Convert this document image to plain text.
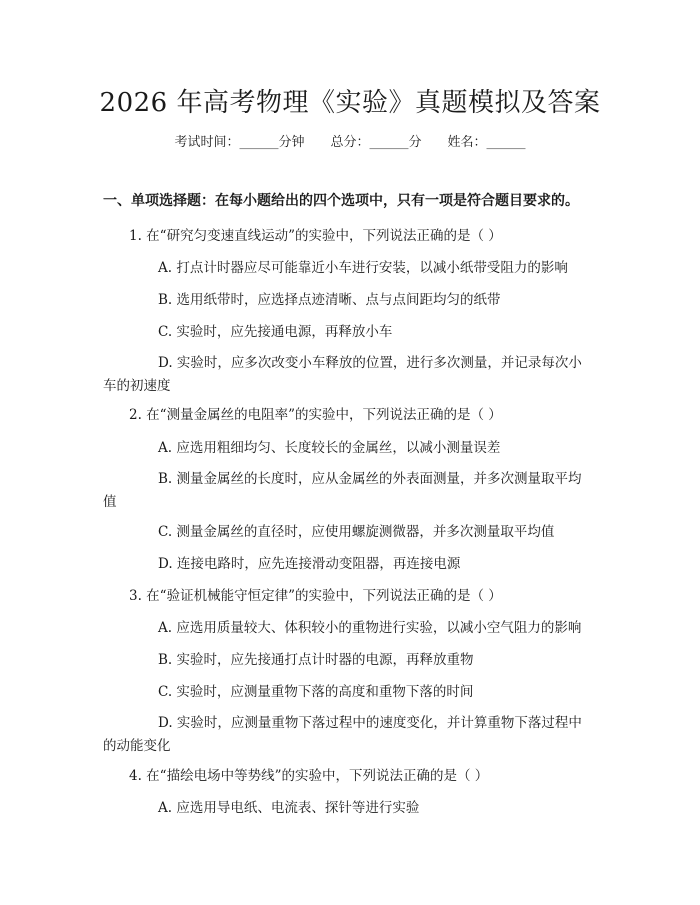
2026 年高考物理《实验》真题模拟及答案
考试时间：______分钟 总分：______分 姓名：______
一、单项选择题：在每小题给出的四个选项中，只有一项是符合题目要求的。
1. 在“研究匀变速直线运动”的实验中，下列说法正确的是（ ）
A. 打点计时器应尽可能靠近小车进行安装，以减小纸带受阻力的影响
B. 选用纸带时，应选择点迹清晰、点与点间距均匀的纸带
C. 实验时，应先接通电源，再释放小车
D. 实验时，应多次改变小车释放的位置，进行多次测量，并记录每次小
车的初速度
2. 在“测量金属丝的电阻率”的实验中，下列说法正确的是（ ）
A. 应选用粗细均匀、长度较长的金属丝，以减小测量误差
B. 测量金属丝的长度时，应从金属丝的外表面测量，并多次测量取平均
值
C. 测量金属丝的直径时，应使用螺旋测微器，并多次测量取平均值
D. 连接电路时，应先连接滑动变阻器，再连接电源
3. 在“验证机械能守恒定律”的实验中，下列说法正确的是（ ）
A. 应选用质量较大、体积较小的重物进行实验，以减小空气阻力的影响
B. 实验时，应先接通打点计时器的电源，再释放重物
C. 实验时，应测量重物下落的高度和重物下落的时间
D. 实验时，应测量重物下落过程中的速度变化，并计算重物下落过程中
的动能变化
4. 在“描绘电场中等势线”的实验中，下列说法正确的是（ ）
A. 应选用导电纸、电流表、探针等进行实验
